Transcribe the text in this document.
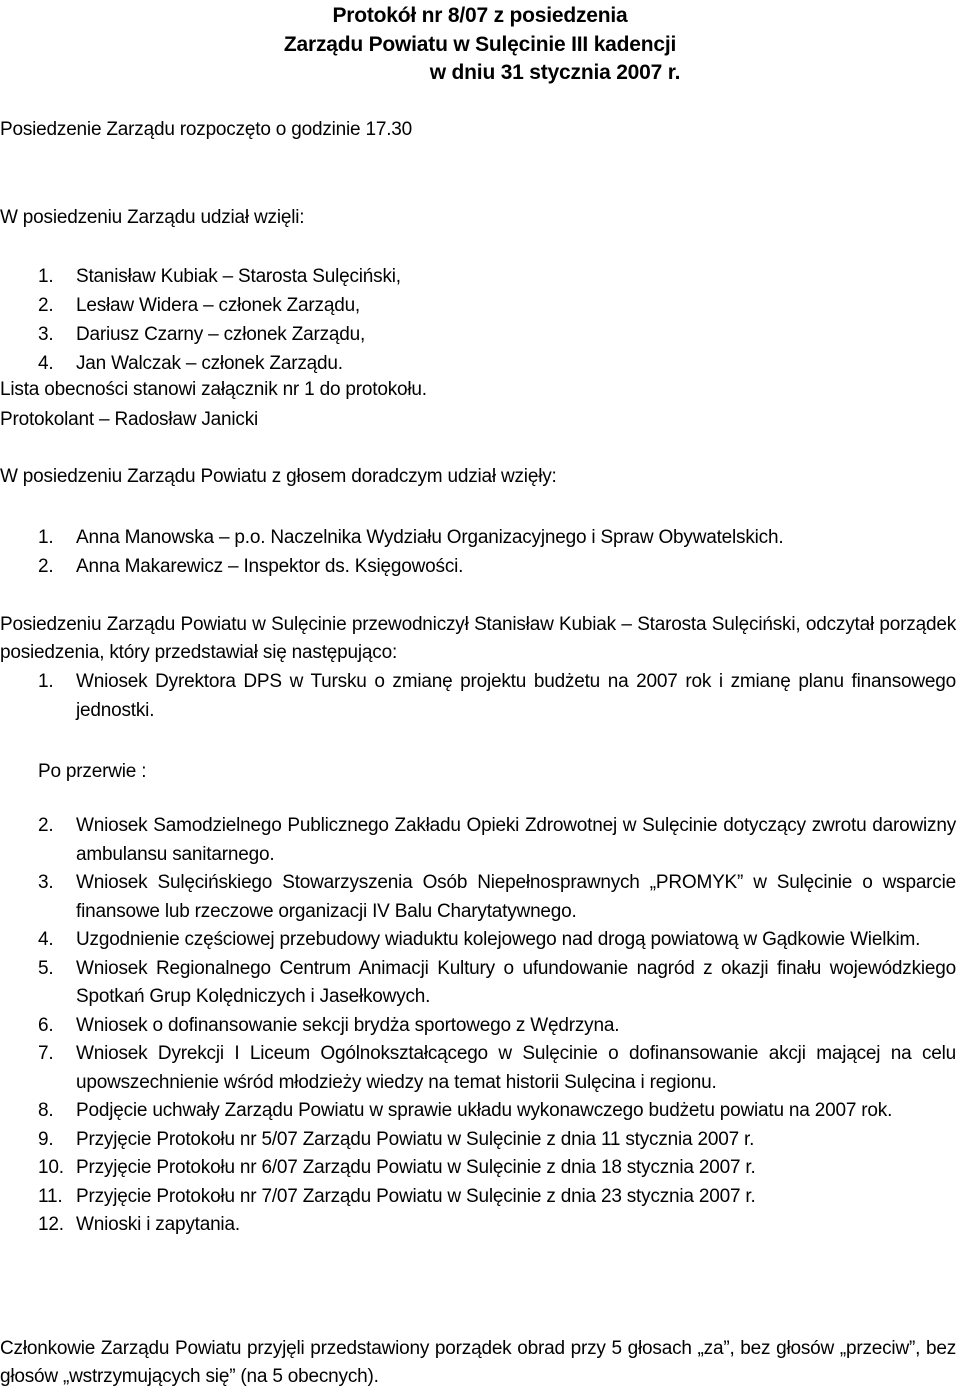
Protokół nr 8/07 z posiedzenia
Zarządu Powiatu w Sulęcinie III kadencji
w dniu 31 stycznia 2007 r.
Posiedzenie Zarządu rozpoczęto o godzinie 17.30
W posiedzeniu Zarządu udział wzięli:
1.	Stanisław Kubiak – Starosta Sulęciński,
2.	Lesław Widera – członek Zarządu,
3.	Dariusz Czarny – członek Zarządu,
4.	Jan Walczak – członek Zarządu.
Lista obecności stanowi załącznik nr 1 do protokołu.
Protokolant – Radosław Janicki
W posiedzeniu Zarządu Powiatu z głosem doradczym udział wzięły:
1.	Anna Manowska – p.o. Naczelnika Wydziału Organizacyjnego i Spraw Obywatelskich.
2.	Anna Makarewicz – Inspektor ds. Księgowości.
Posiedzeniu Zarządu Powiatu w Sulęcinie przewodniczył Stanisław Kubiak – Starosta Sulęciński, odczytał porządek posiedzenia, który przedstawiał się następująco:
1.	Wniosek Dyrektora DPS w Tursku o zmianę projektu budżetu na 2007 rok i zmianę planu finansowego jednostki.
Po przerwie :
2.	Wniosek Samodzielnego Publicznego Zakładu Opieki Zdrowotnej w Sulęcinie dotyczący zwrotu darowizny ambulansu sanitarnego.
3.	Wniosek Sulęcińskiego Stowarzyszenia Osób Niepełnosprawnych „PROMYK” w Sulęcinie o wsparcie finansowe lub rzeczowe organizacji IV Balu Charytatywnego.
4.	Uzgodnienie częściowej przebudowy wiaduktu kolejowego nad drogą powiatową w Gądkowie Wielkim.
5.	Wniosek Regionalnego Centrum Animacji Kultury o ufundowanie nagród z okazji finału wojewódzkiego Spotkań Grup Kolędniczych i Jasełkowych.
6.	Wniosek o dofinansowanie sekcji brydża sportowego z Wędrzyna.
7.	Wniosek Dyrekcji I Liceum Ogólnokształcącego w Sulęcinie o dofinansowanie akcji mającej na celu upowszechnienie wśród młodzieży wiedzy na temat historii Sulęcina i regionu.
8.	Podjęcie uchwały Zarządu Powiatu w sprawie układu wykonawczego budżetu powiatu na 2007 rok.
9.	Przyjęcie Protokołu nr 5/07 Zarządu Powiatu w Sulęcinie z dnia 11 stycznia 2007 r.
10. Przyjęcie Protokołu nr 6/07 Zarządu Powiatu w Sulęcinie z dnia 18 stycznia 2007 r.
11. Przyjęcie Protokołu nr 7/07 Zarządu Powiatu w Sulęcinie z dnia 23 stycznia 2007 r.
12. Wnioski i zapytania.
Członkowie Zarządu Powiatu przyjęli przedstawiony porządek obrad przy 5 głosach „za”, bez głosów „przeciw”, bez głosów „wstrzymujących się” (na 5 obecnych).
